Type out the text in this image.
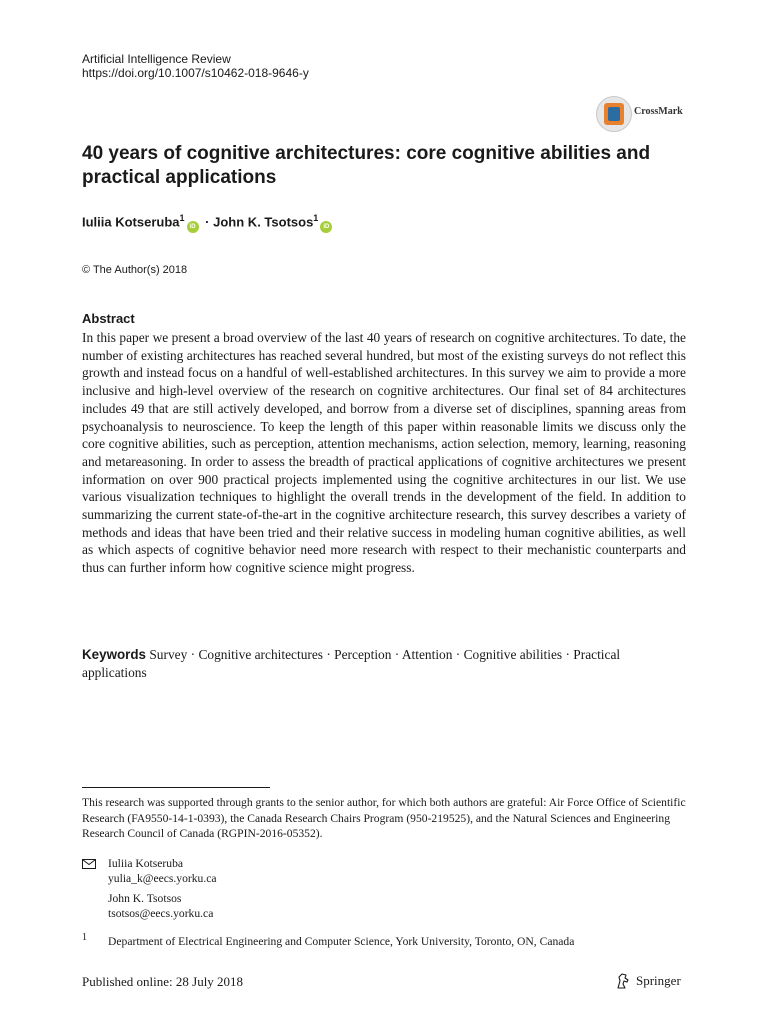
Artificial Intelligence Review
https://doi.org/10.1007/s10462-018-9646-y
CrossMark
40 years of cognitive architectures: core cognitive abilities and practical applications
Iuliia Kotseruba$^1$iD · John K. Tsotsos$^1$iD
© The Author(s) 2018
Abstract

In this paper we present a broad overview of the last 40 years of research on cognitive architectures. To date, the number of existing architectures has reached several hundred, but most of the existing surveys do not reflect this growth and instead focus on a handful of well-established architectures. In this survey we aim to provide a more inclusive and high-level overview of the research on cognitive architectures. Our final set of 84 architectures includes 49 that are still actively developed, and borrow from a diverse set of disciplines, spanning areas from psychoanalysis to neuroscience. To keep the length of this paper within reasonable limits we discuss only the core cognitive abilities, such as perception, attention mechanisms, action selection, memory, learning, reasoning and metareasoning. In order to assess the breadth of practical applications of cognitive architectures we present information on over 900 practical projects implemented using the cognitive architectures in our list. We use various visualization techniques to highlight the overall trends in the development of the field. In addition to summarizing the current state-of-the-art in the cognitive architecture research, this survey describes a variety of methods and ideas that have been tried and their relative success in modeling human cognitive abilities, as well as which aspects of cognitive behavior need more research with respect to their mechanistic counterparts and thus can further inform how cognitive science might progress.

Keywords Survey · Cognitive architectures · Perception · Attention · Cognitive abilities · Practical applications
This research was supported through grants to the senior author, for which both authors are grateful: Air Force Office of Scientific Research (FA9550-14-1-0393), the Canada Research Chairs Program (950-219525), and the Natural Sciences and Engineering Research Council of Canada (RGPIN-2016-05352).
Iuliia Kotseruba
yulia_k@eecs.yorku.ca
John K. Tsotsos
tsotsos@eecs.yorku.ca
1 Department of Electrical Engineering and Computer Science, York University, Toronto, ON, Canada
Published online: 28 July 2018	Springer
